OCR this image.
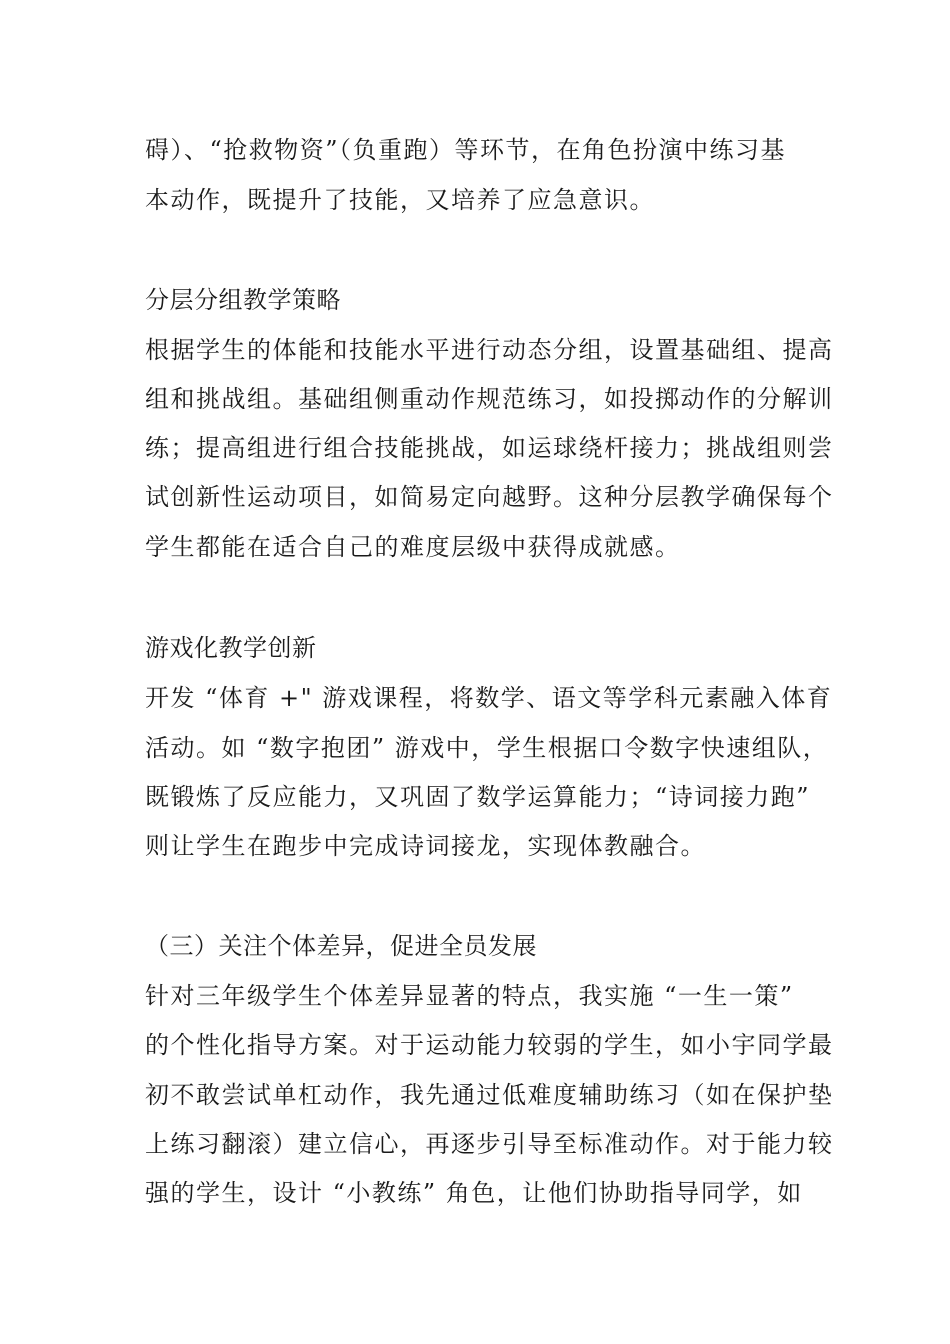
碍）、“抢救物资”（负重跑）等环节，在角色扮演中练习基
本动作，既提升了技能，又培养了应急意识。
分层分组教学策略
根据学生的体能和技能水平进行动态分组，设置基础组、提高
组和挑战组。基础组侧重动作规范练习，如投掷动作的分解训
练；提高组进行组合技能挑战，如运球绕杆接力；挑战组则尝
试创新性运动项目，如简易定向越野。这种分层教学确保每个
学生都能在适合自己的难度层级中获得成就感。
游戏化教学创新
开发 “体育 +" 游戏课程，将数学、语文等学科元素融入体育
活动。如 “数字抱团” 游戏中，学生根据口令数字快速组队，
既锻炼了反应能力，又巩固了数学运算能力；“诗词接力跑”
则让学生在跑步中完成诗词接龙，实现体教融合。
（三）关注个体差异，促进全员发展
针对三年级学生个体差异显著的特点，我实施 “一生一策”
的个性化指导方案。对于运动能力较弱的学生，如小宇同学最
初不敢尝试单杠动作，我先通过低难度辅助练习（如在保护垫
上练习翻滚）建立信心，再逐步引导至标准动作。对于能力较
强的学生，设计 “小教练” 角色，让他们协助指导同学，如
